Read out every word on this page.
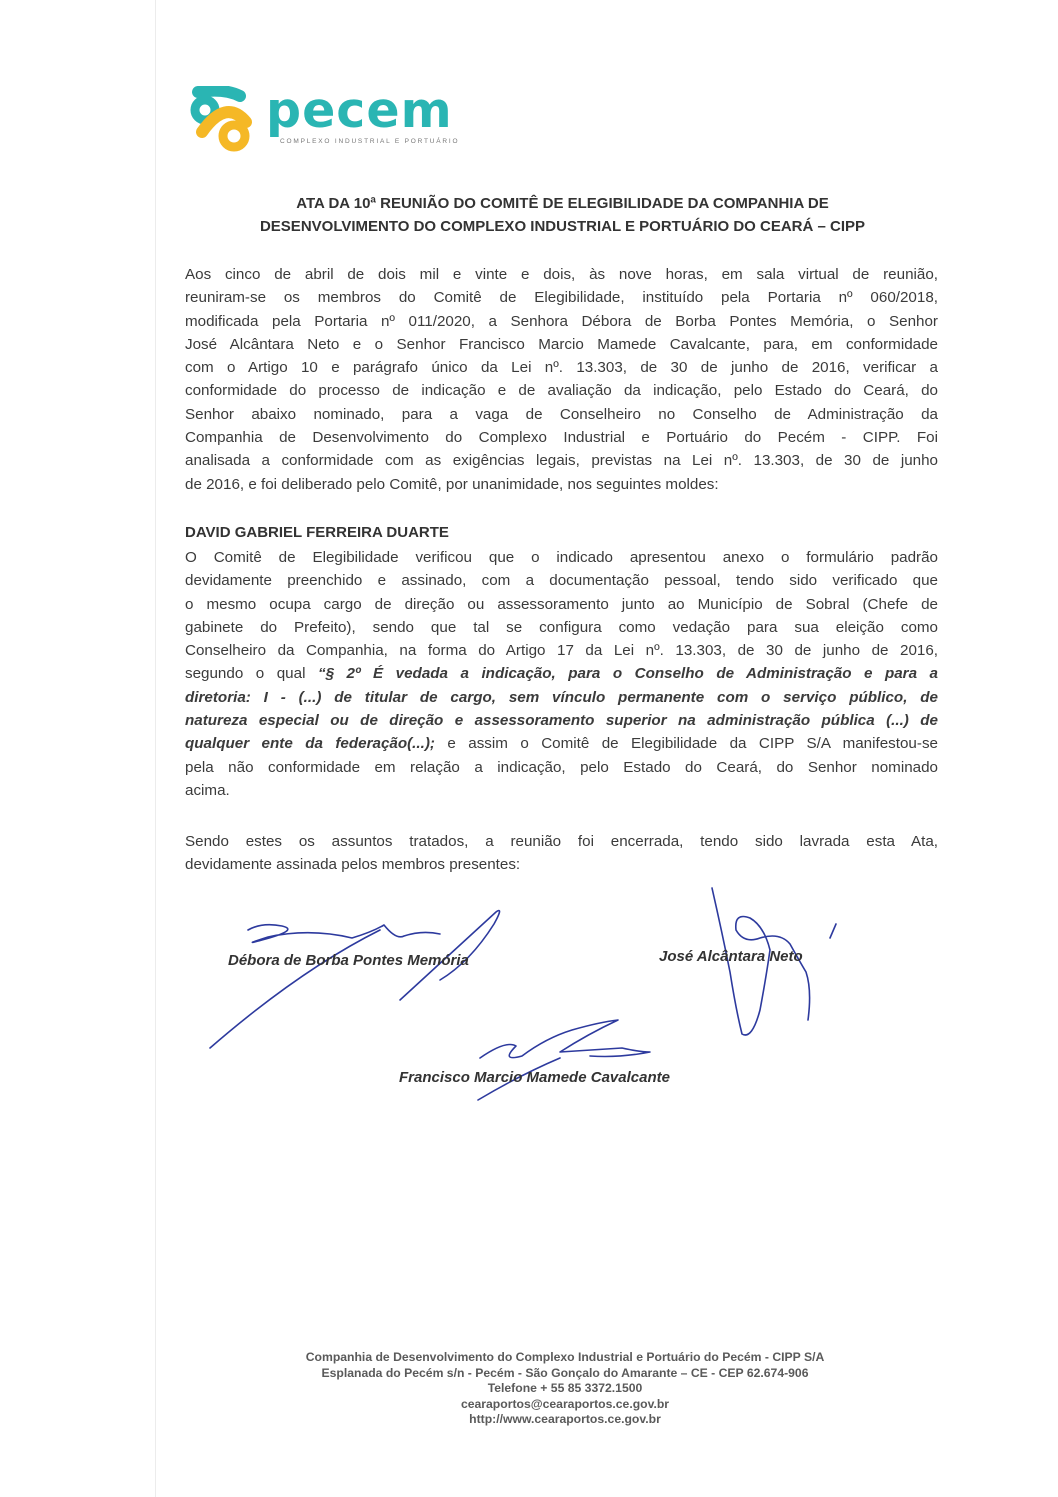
pecem
COMPLEXO INDUSTRIAL E PORTUÁRIO
ATA DA 10ª REUNIÃO DO COMITÊ DE ELEGIBILIDADE DA COMPANHIA DE
DESENVOLVIMENTO DO COMPLEXO INDUSTRIAL E PORTUÁRIO DO CEARÁ – CIPP
Aos cinco de abril de dois mil e vinte e dois, às nove horas, em sala virtual de reunião,
reuniram-se os membros do Comitê de Elegibilidade, instituído pela Portaria nº 060/2018,
modificada pela Portaria nº 011/2020, a Senhora Débora de Borba Pontes Memória, o Senhor
José Alcântara Neto e o Senhor Francisco Marcio Mamede Cavalcante, para, em conformidade
com o Artigo 10 e parágrafo único da Lei nº. 13.303, de 30 de junho de 2016, verificar a
conformidade do processo de indicação e de avaliação da indicação, pelo Estado do Ceará, do
Senhor abaixo nominado, para a vaga de Conselheiro no Conselho de Administração da
Companhia de Desenvolvimento do Complexo Industrial e Portuário do Pecém - CIPP. Foi
analisada a conformidade com as exigências legais, previstas na Lei nº. 13.303, de 30 de junho
de 2016, e foi deliberado pelo Comitê, por unanimidade, nos seguintes moldes:
DAVID GABRIEL FERREIRA DUARTE
O Comitê de Elegibilidade verificou que o indicado apresentou anexo o formulário padrão
devidamente preenchido e assinado, com a documentação pessoal, tendo sido verificado que
o mesmo ocupa cargo de direção ou assessoramento junto ao Município de Sobral (Chefe de
gabinete do Prefeito), sendo que tal se configura como vedação para sua eleição como
Conselheiro da Companhia, na forma do Artigo 17 da Lei nº. 13.303, de 30 de junho de 2016,
segundo o qual “§ 2º É vedada a indicação, para o Conselho de Administração e para a
diretoria: I - (...) de titular de cargo, sem vínculo permanente com o serviço público, de
natureza especial ou de direção e assessoramento superior na administração pública (...) de
qualquer ente da federação(...); e assim o Comitê de Elegibilidade da CIPP S/A manifestou-se
pela não conformidade em relação a indicação, pelo Estado do Ceará, do Senhor nominado
acima.
Sendo estes os assuntos tratados, a reunião foi encerrada, tendo sido lavrada esta Ata,
devidamente assinada pelos membros presentes:
Débora de Borba Pontes Memória	José Alcântara Neto
Francisco Marcio Mamede Cavalcante
Companhia de Desenvolvimento do Complexo Industrial e Portuário do Pecém - CIPP S/A
Esplanada do Pecém s/n - Pecém - São Gonçalo do Amarante – CE - CEP 62.674-906
Telefone + 55 85 3372.1500
cearaportos@cearaportos.ce.gov.br
http://www.cearaportos.ce.gov.br
